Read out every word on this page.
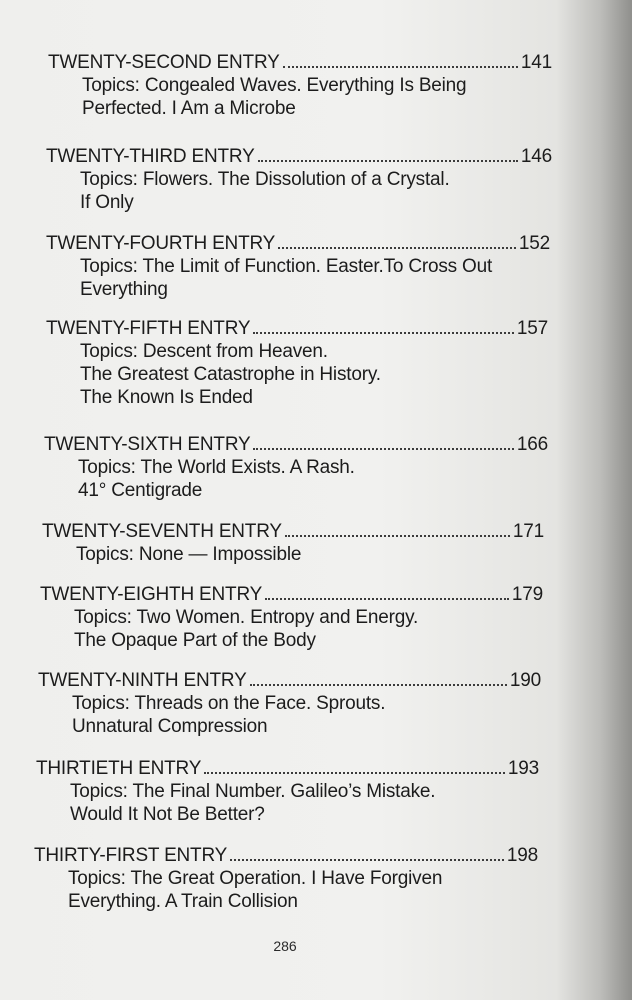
TWENTY-SECOND ENTRY	141
Topics: Congealed Waves. Everything Is Being
Perfected. I Am a Microbe
TWENTY-THIRD ENTRY	146
Topics: Flowers. The Dissolution of a Crystal.
If Only
TWENTY-FOURTH ENTRY	152
Topics: The Limit of Function. Easter.To Cross Out
Everything
TWENTY-FIFTH ENTRY	157
Topics: Descent from Heaven.
The Greatest Catastrophe in History.
The Known Is Ended
TWENTY-SIXTH ENTRY	166
Topics: The World Exists. A Rash.
41° Centigrade
TWENTY-SEVENTH ENTRY	171
Topics: None — Impossible
TWENTY-EIGHTH ENTRY	179
Topics: Two Women. Entropy and Energy.
The Opaque Part of the Body
TWENTY-NINTH ENTRY	190
Topics: Threads on the Face. Sprouts.
Unnatural Compression
THIRTIETH ENTRY	193
Topics: The Final Number. Galileo’s Mistake.
Would It Not Be Better?
THIRTY-FIRST ENTRY	198
Topics: The Great Operation. I Have Forgiven
Everything. A Train Collision
286
